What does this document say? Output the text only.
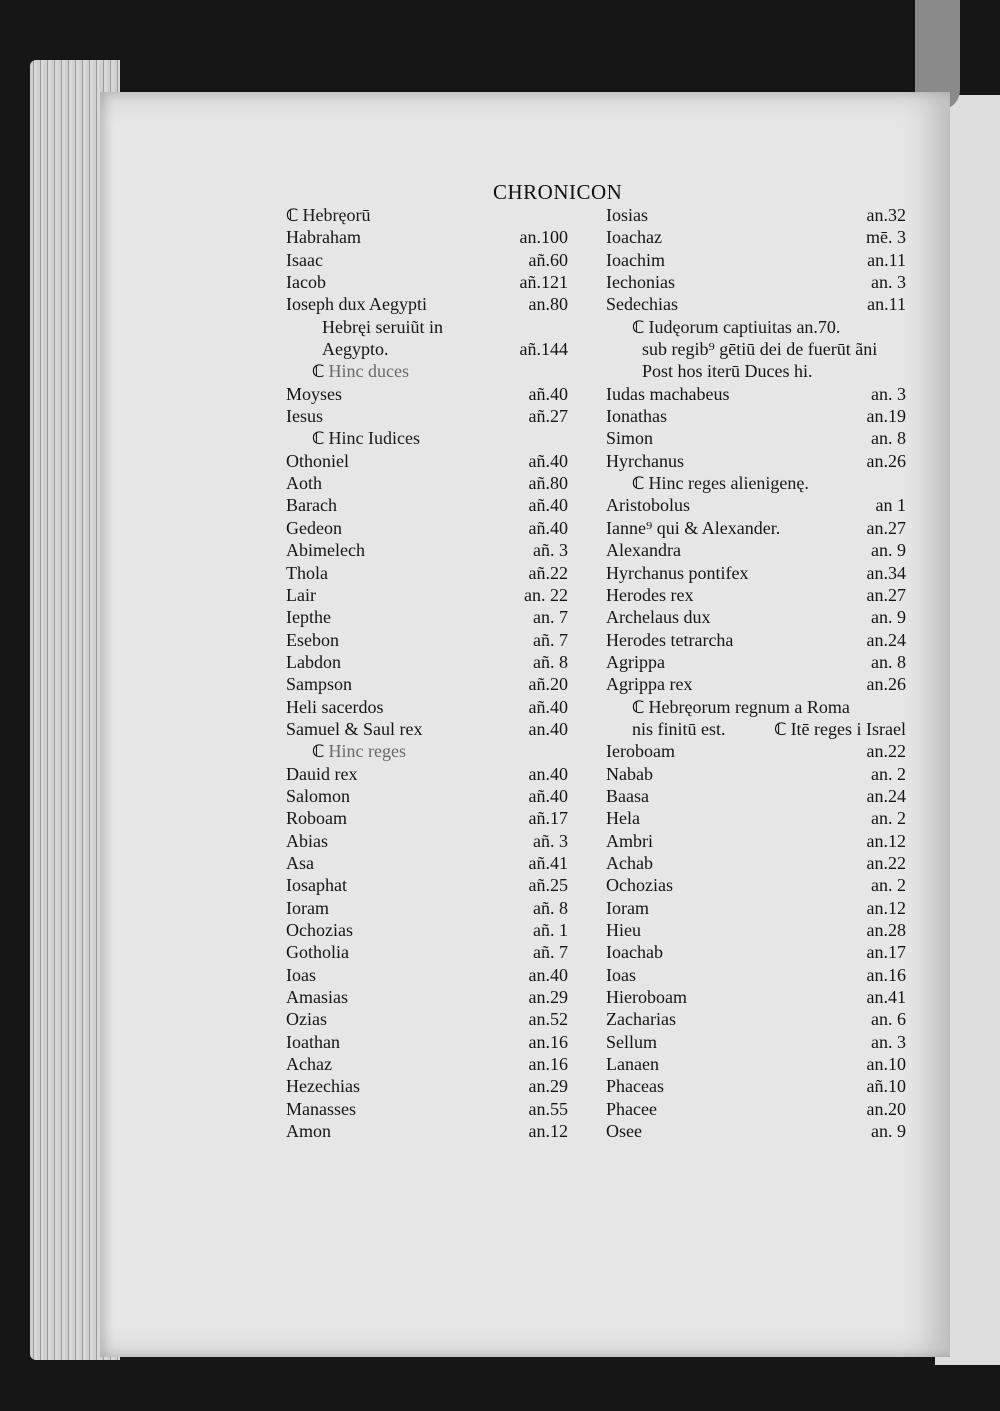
CHRONICON
ℂ Hebręorū
Habraham	an.100
Isaac	añ.60
Iacob	añ.121
Ioseph dux Aegypti	an.80
Hebręi seruiũt in
Aegypto.	añ.144
ℂ Hinc duces
Moyses	añ.40
Iesus	añ.27
ℂ Hinc Iudices
Othoniel	añ.40
Aoth	añ.80
Barach	añ.40
Gedeon	añ.40
Abimelech	añ. 3
Thola	añ.22
Lair	an. 22
Iepthe	an. 7
Esebon	añ. 7
Labdon	añ. 8
Sampson	añ.20
Heli sacerdos	añ.40
Samuel & Saul rex	an.40
ℂ Hinc reges
Dauid rex	an.40
Salomon	añ.40
Roboam	añ.17
Abias	añ. 3
Asa	añ.41
Iosaphat	añ.25
Ioram	añ. 8
Ochozias	añ. 1
Gotholia	añ. 7
Ioas	an.40
Amasias	an.29
Ozias	an.52
Ioathan	an.16
Achaz	an.16
Hezechias	an.29
Manasses	an.55
Amon	an.12
Iosias	an.32
Ioachaz	mē. 3
Ioachim	an.11
Iechonias	an. 3
Sedechias	an.11
ℂ Iudęorum captiuitas an.70.
sub regib⁹ gētiū dei de fuerūt ãni
Post hos iterū Duces hi.
Iudas machabeus	an. 3
Ionathas	an.19
Simon	an. 8
Hyrchanus	an.26
ℂ Hinc reges alienigenę.
Aristobolus	an 1
Ianne⁹ qui & Alexander.	an.27
Alexandra	an. 9
Hyrchanus pontifex	an.34
Herodes rex	an.27
Archelaus dux	an. 9
Herodes tetrarcha	an.24
Agrippa	an. 8
Agrippa rex	an.26
ℂ Hebręorum regnum a Roma
nis finitū est.	ℂ Itē reges i Israel
Ieroboam	an.22
Nabab	an. 2
Baasa	an.24
Hela	an. 2
Ambri	an.12
Achab	an.22
Ochozias	an. 2
Ioram	an.12
Hieu	an.28
Ioachab	an.17
Ioas	an.16
Hieroboam	an.41
Zacharias	an. 6
Sellum	an. 3
Lanaen	an.10
Phaceas	añ.10
Phacee	an.20
Osee	an. 9
